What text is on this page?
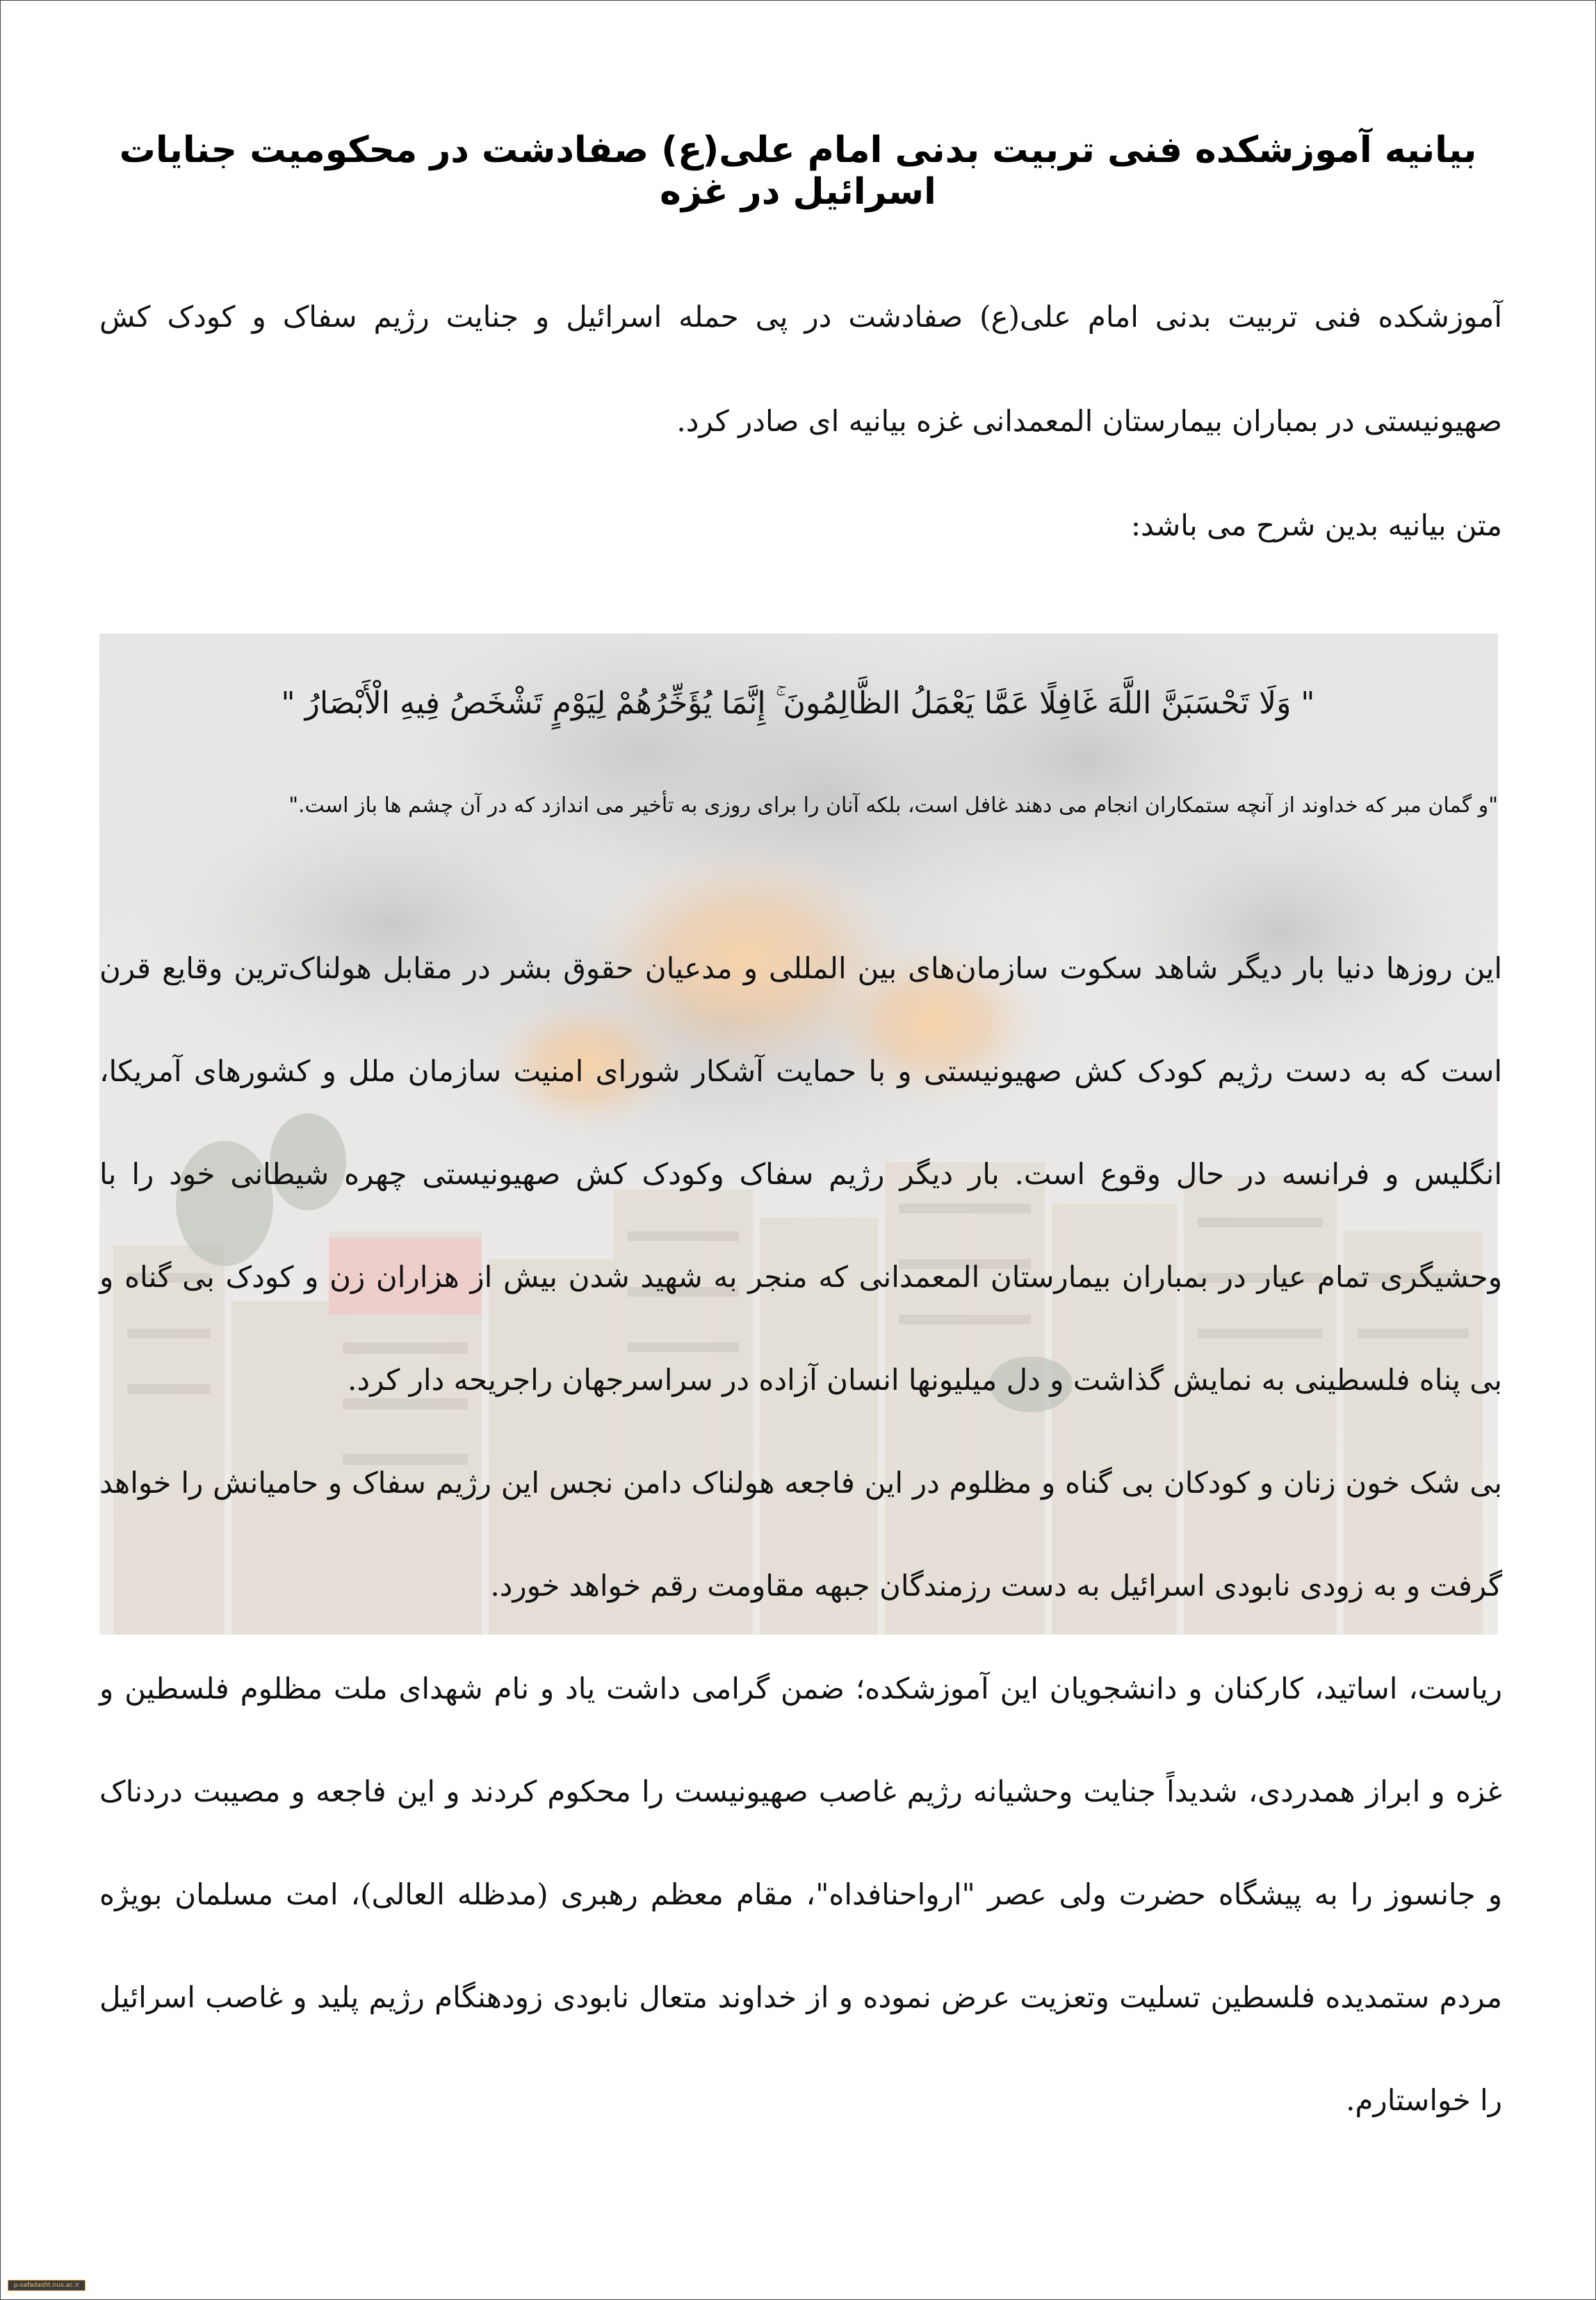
بیانیه آموزشکده فنی تربیت بدنی امام علی(ع) صفادشت در محکومیت جنایات اسرائیل در غزه

آموزشکده فنی تربیت بدنی امام علی(ع) صفادشت در پی حمله اسرائیل و جنایت رژیم سفاک و کودک کش صهیونیستی در بمباران بیمارستان المعمدانی غزه بیانیه ای صادر کرد.

متن بیانیه بدین شرح می باشد:

" وَلَا تَحْسَبَنَّ اللَّهَ غَافِلًا عَمَّا يَعْمَلُ الظَّالِمُونَ ۚ إِنَّمَا يُؤَخِّرُهُمْ لِيَوْمٍ تَشْخَصُ فِيهِ الْأَبْصَارُ "
"و گمان مبر که خداوند از آنچه ستمکاران انجام می دهند غافل است، بلکه آنان را برای روزی به تأخیر می اندازد که در آن چشم ها باز است."

این روزها دنیا بار دیگر شاهد سکوت سازمان‌های بین المللی و مدعیان حقوق بشر در مقابل هولناک‌ترین وقایع قرن است که به دست رژیم کودک کش صهیونیستی و با حمایت آشکار شورای امنیت سازمان ملل و کشورهای آمریکا، انگلیس و فرانسه در حال وقوع است. بار دیگر رژیم سفاک وکودک کش صهیونیستی چهره شیطانی خود را با وحشیگری تمام عیار در بمباران بیمارستان المعمدانی که منجر به شهید شدن بیش از هزاران زن و کودک بی گناه و بی پناه فلسطینی به نمایش گذاشت و دل میلیونها انسان آزاده در سراسرجهان راجریحه دار کرد.

بی شک خون زنان و کودکان بی گناه و مظلوم در این فاجعه هولناک دامن نجس این رژیم سفاک و حامیانش را خواهد گرفت و به زودی نابودی اسرائیل به دست رزمندگان جبهه مقاومت رقم خواهد خورد.

ریاست، اساتید، کارکنان و دانشجویان این آموزشکده؛ ضمن گرامی داشت یاد و نام شهدای ملت مظلوم فلسطین و غزه و ابراز همدردی، شدیداً جنایت وحشیانه رژیم غاصب صهیونیست را محکوم کردند و این فاجعه و مصیبت دردناک و جانسوز را به پیشگاه حضرت ولی عصر "ارواحنافداه"، مقام معظم رهبری (مدظله العالی)، امت مسلمان بویژه مردم ستمدیده فلسطین تسلیت وتعزیت عرض نموده و از خداوند متعال نابودی زودهنگام رژیم پلید و غاصب اسرائیل را خواستارم.

p-safadasht.nus.ac.ir
